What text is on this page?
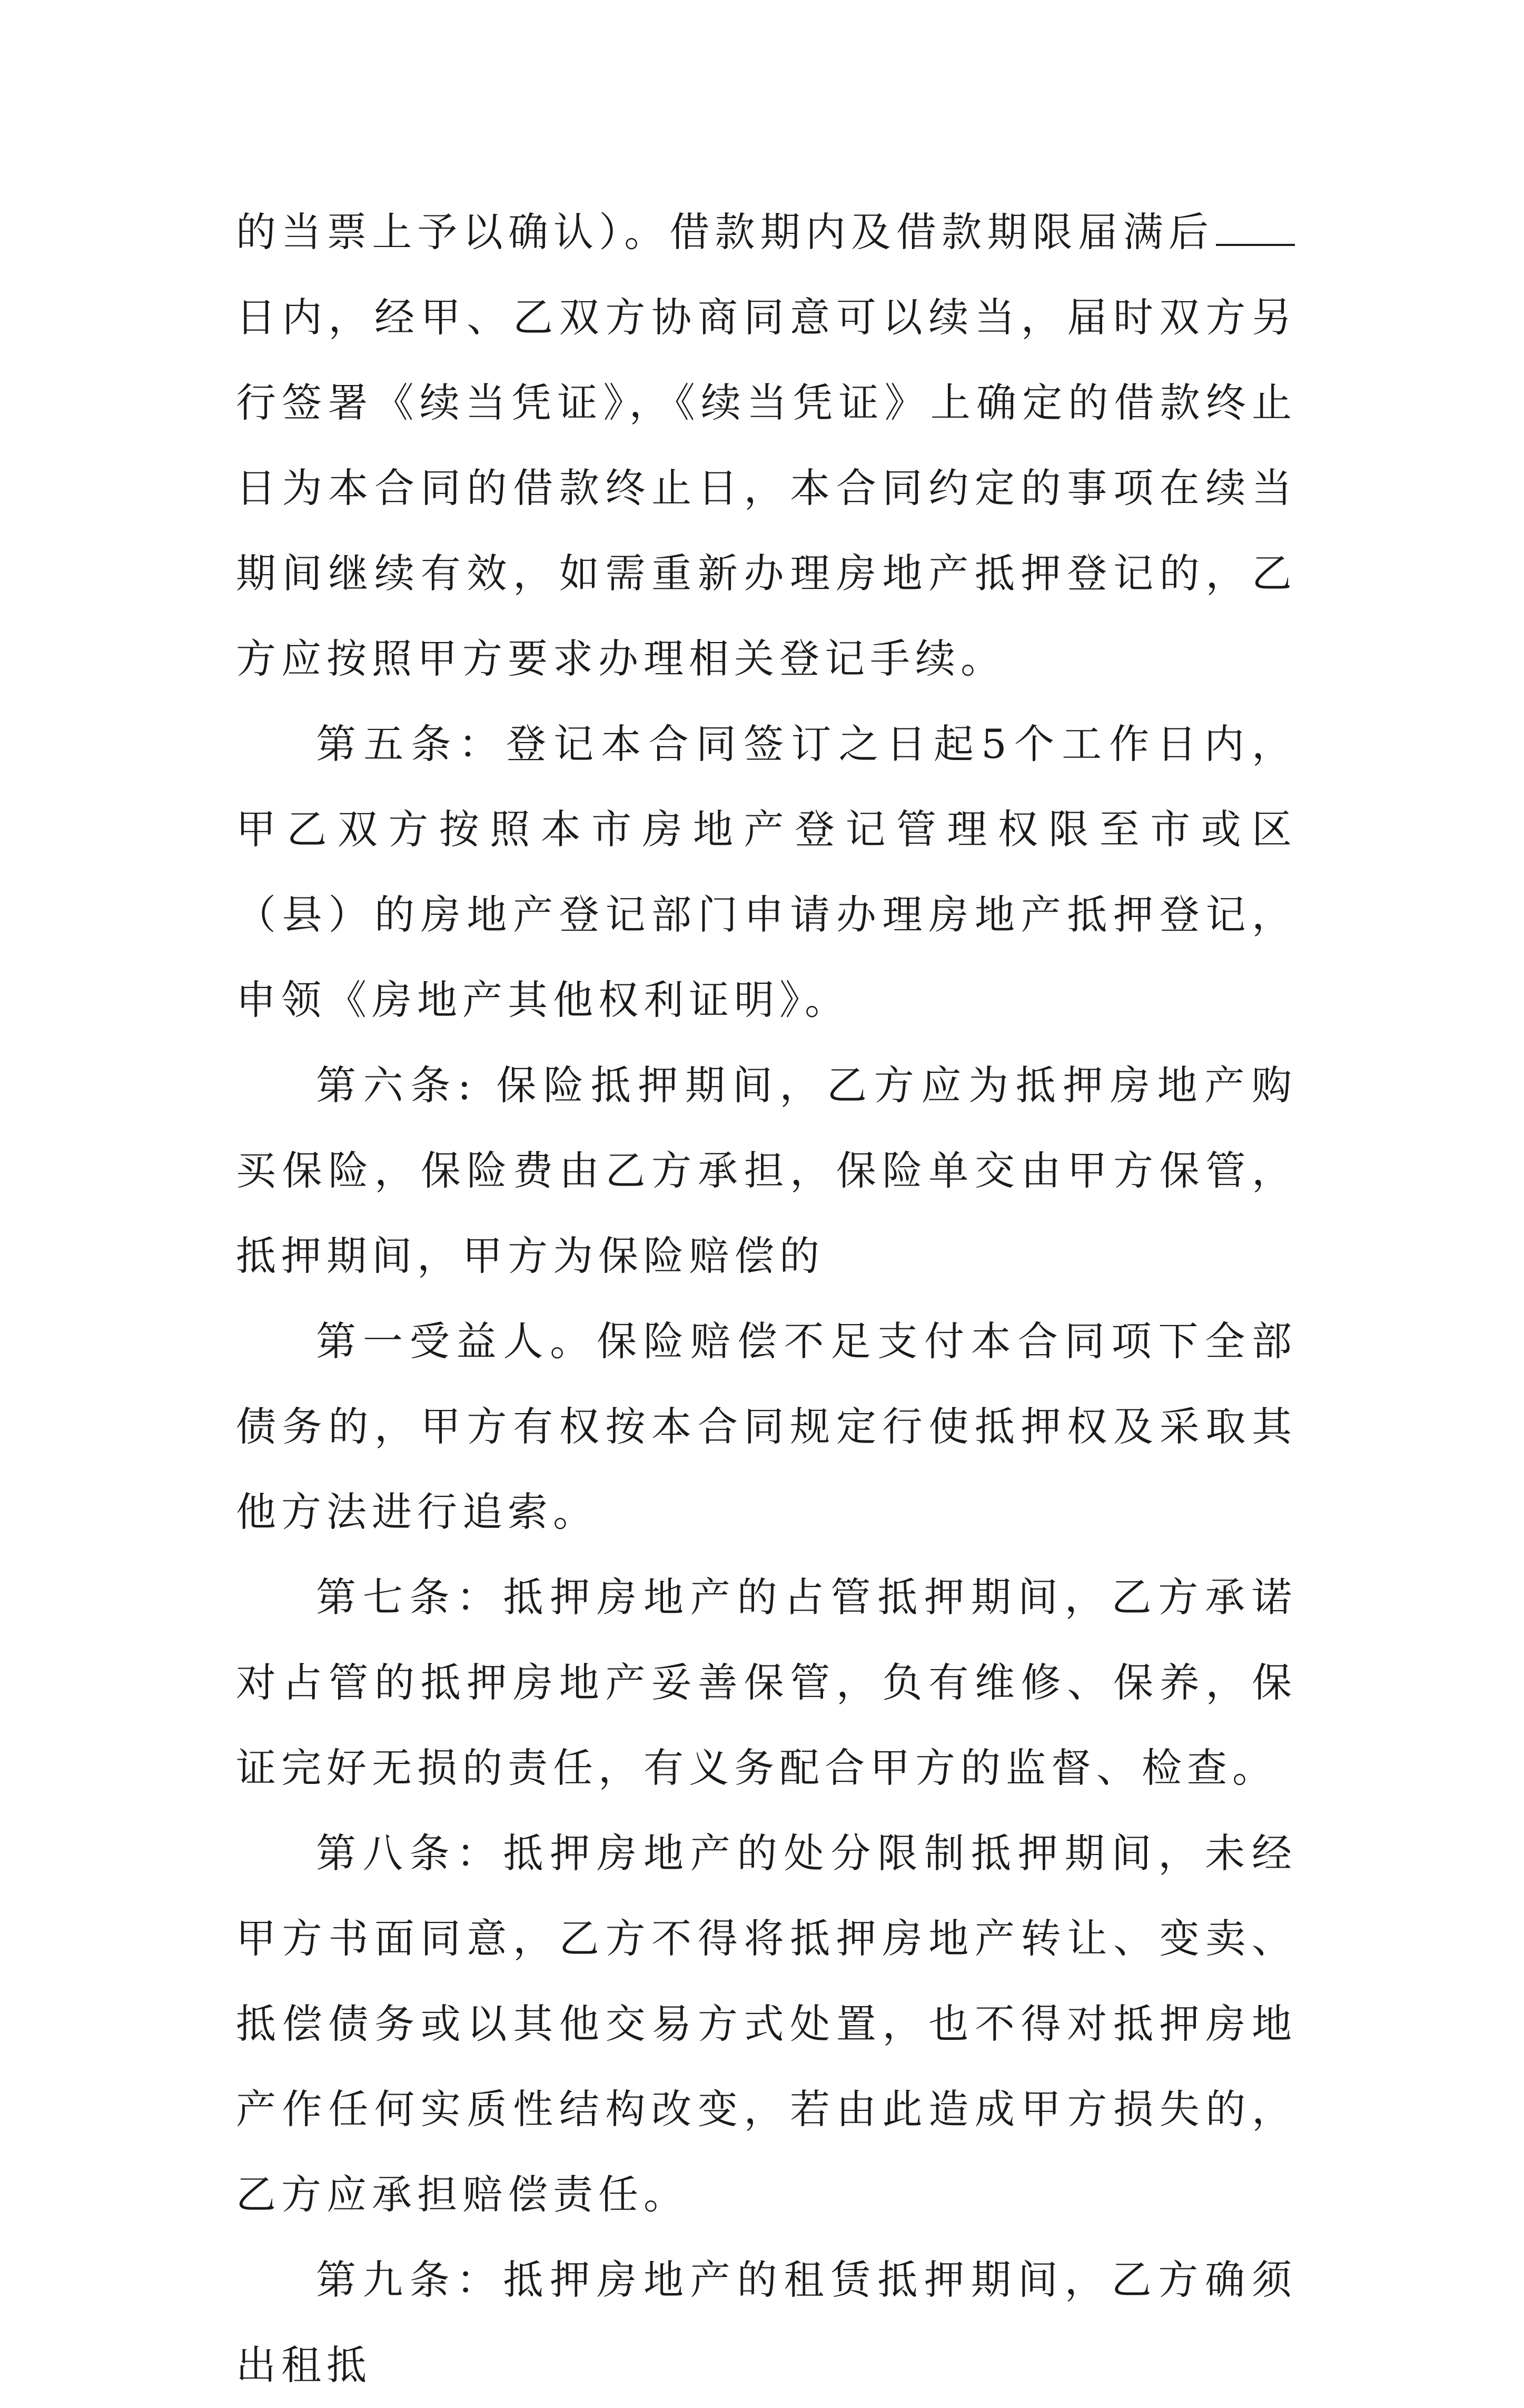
的当票上予以确认）。借款期内及借款期限届满后日内，经甲、乙双方协商同意可以续当，届时双方另行签署《续当凭证》，《续当凭证》上确定的借款终止日为本合同的借款终止日，本合同约定的事项在续当期间继续有效，如需重新办理房地产抵押登记的，乙方应按照甲方要求办理相关登记手续。

第五条：登记本合同签订之日起5个工作日内，甲乙双方按照本市房地产登记管理权限至市或区（县）的房地产登记部门申请办理房地产抵押登记，申领《房地产其他权利证明》。

第六条: 保险抵押期间，乙方应为抵押房地产购买保险，保险费由乙方承担，保险单交由甲方保管，抵押期间，甲方为保险赔偿的

第一受益人。保险赔偿不足支付本合同项下全部债务的，甲方有权按本合同规定行使抵押权及采取其他方法进行追索。

第七条：抵押房地产的占管抵押期间，乙方承诺对占管的抵押房地产妥善保管，负有维修、保养，保证完好无损的责任，有义务配合甲方的监督、检查。

第八条：抵押房地产的处分限制抵押期间，未经甲方书面同意，乙方不得将抵押房地产转让、变卖、抵偿债务或以其他交易方式处置，也不得对抵押房地产作任何实质性结构改变，若由此造成甲方损失的，乙方应承担赔偿责任。

第九条：抵押房地产的租赁抵押期间，乙方确须出租抵
